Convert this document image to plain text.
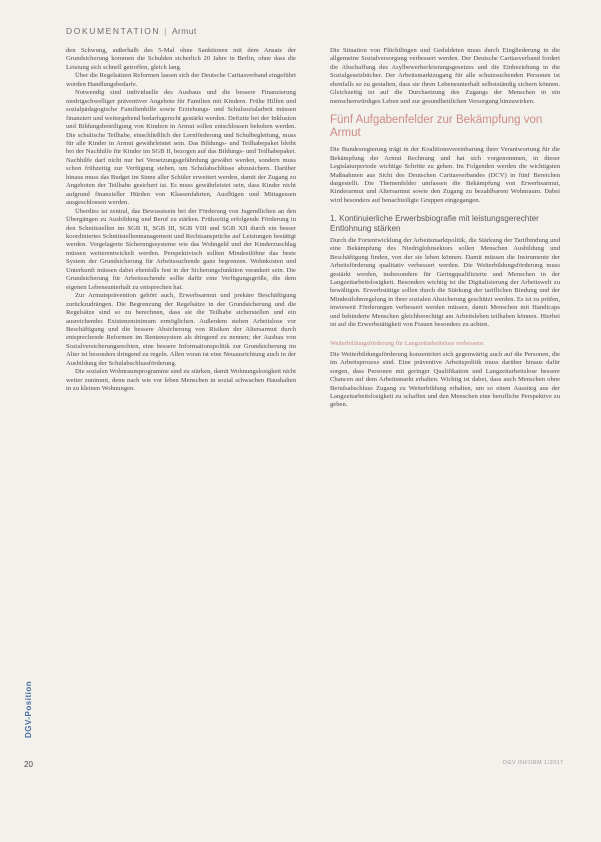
DOKUMENTATION | Armut

den Schwung, außerhalb des 5-Mal ohne Sanktionen mit dem Ansatz der Grundsicherung kommen die Schulden sicherlich 20 Jahre in Berlin, ohne dass die Leistung sich schnell getroffen, gleich lang.

Über die Regelsätzen Reformen lassen sich der Deutsche Caritasverband eingeführt worden Handlungsbedarfe.

Notwendig sind individuelle des Ausbaus und die bessere Finanzierung niedrigschwelliger präventiver Angebote für Familien mit Kindern. Frühe Hilfen und sozialpädagogische Familienhilfe sowie Erziehungs- und Schulsozialarbeit müssen finanziert und weitergehend bedarfsgerecht gestärkt werden. Defizite bei der Inklusion und Bildungsbeteiligung von Kindern in Armut sollen entschlossen behoben werden. Die schulische Teilhabe, einschließlich der Lernförderung und Schulbegleitung, muss für alle Kinder in Armut gewährleistet sein. Das Bildungs- und Teilhabepaket bleibt bei der Nachhilfe für Kinder im SGB II, bezogen auf das Bildungs- und Teilhabepaket. Nachhilfe darf nicht nur bei Versetzungsgefährdung gewährt werden, sondern muss schon frühzeitig zur Verfügung stehen, um Schulabschlüsse abzusichern. Darüber hinaus muss das Budget im Sinne aller Schüler erweitert werden, damit der Zugang zu Angeboten der Teilhabe gesichert ist. Es muss gewährleistet sein, dass Kinder nicht aufgrund finanzieller Hürden von Klassenfahrten, Ausflügen und Mittagessen ausgeschlossen werden.

Überdies ist zentral, das Bewusstsein bei der Förderung von Jugendlichen an den Übergängen zu Ausbildung und Beruf zu stärken. Frühzeitig erfolgende Förderung in den Schnittstellen im SGB II, SGB III, SGB VIII und SGB XII durch ein besser koordiniertes Schnittstellenmanagement und Rechtsansprüche auf Leistungen bestätigt werden. Vorgelagerte Sicherungssysteme wie das Wohngeld und der Kinderzuschlag müssen weiterentwickelt werden. Perspektivisch sollten Mindestlöhne das beste System der Grundsicherung für Arbeitssuchende ganz begrenzen. Wohnkosten und Unterkunft müssen dabei ebenfalls fest in der Sicherungsfunktion verankert sein. Die Grundsicherung für Arbeitsuchende sollte dafür eine Verfügungsgröße, die dem eigenen Lebensunterhalt zu entsprechen hat.

Zur Armutsprävention gehört auch, Erwerbsarmut und prekäre Beschäftigung zurückzudrängen. Die Begrenzung der Regelsätze in der Grundsicherung und die Regelsätze sind so zu berechnen, dass sie die Teilhabe sicherstellen und ein ausreichendes Existenzminimum ermöglichen. Außerdem stehen Arbeitslose vor Beschäftigung und die bessere Absicherung von Risiken der Altersarmut durch entsprechende Reformen im Rentensystem als dringend zu nennen; der Ausbau von Sozialversicherungsrechten, eine bessere Informationspolitik zur Grundsicherung im Alter ist besonders dringend zu regeln. Allen voran ist eine Neuausrichtung auch in der Ausbildung der Schulabschlussförderung.

Die sozialen Wohnraumprogramme sind zu stärken, damit Wohnungslosigkeit nicht weiter zunimmt, denn nach wie vor leben Menschen in sozial schwachen Haushalten in zu kleinen Wohnungen.

Die Situation von Flüchtlingen und Geduldeten muss durch Eingliederung in die allgemeine Sozialversorgung verbessert werden. Der Deutsche Caritasverband fordert die Abschaffung des Asylbewerberleistungsgesetzes und die Einbeziehung in die Sozialgesetzbücher. Der Arbeitsmarktzugang für alle schutzsuchenden Personen ist ebenfalls so zu gestalten, dass sie ihren Lebensunterhalt selbstständig sichern können. Gleichzeitig ist auf die Durchsetzung des Zugangs der Menschen in ein menschenwürdiges Leben und zur gesundheitlichen Versorgung hinzuwirken.

Fünf Aufgabenfelder zur Bekämpfung von Armut

Die Bundesregierung trägt in der Koalitionsvereinbarung ihrer Verantwortung für die Bekämpfung der Armut Rechnung und hat sich vorgenommen, in dieser Legislaturperiode wichtige Schritte zu gehen. Im Folgenden werden die wichtigsten Maßnahmen aus Sicht des Deutschen Caritasverbandes (DCV) in fünf Bereichen dargestellt. Die Themenfelder umfassen die Bekämpfung von Erwerbsarmut, Kinderarmut und Altersarmut sowie den Zugang zu bezahlbarem Wohnraum. Dabei wird besonders auf benachteiligte Gruppen eingegangen.

1. Kontinuierliche Erwerbsbiografie mit leistungsgerechter Entlohnung stärken

Durch die Fortentwicklung der Arbeitsmarktpolitik, die Stärkung der Tarifbindung und eine Bekämpfung des Niedriglohnsektors sollen Menschen Ausbildung und Beschäftigung finden, von der sie leben können. Damit müssen die Instrumente der Arbeitsförderung qualitativ verbessert werden. Die Weiterbildungsförderung muss gestärkt werden, insbesondere für Geringqualifizierte und Menschen in der Langzeitarbeitslosigkeit. Besonders wichtig ist die Digitalisierung der Arbeitswelt zu bewältigen. Erwerbstätige sollen durch die Stärkung der tariflichen Bindung und der Mindestlohnregelung in ihrer sozialen Absicherung geschützt werden. Es ist zu prüfen, inwieweit Förderungen verbessert werden müssen, damit Menschen mit Handicaps und behinderte Menschen gleichberechtigt am Arbeitsleben teilhaben können. Hierbei ist auf die Erwerbstätigkeit von Frauen besonders zu achten.

Weiterbildungsförderung für Langzeitarbeitslose verbessern

Die Weiterbildungsförderung konzentriert sich gegenwärtig auch auf die Personen, die im Arbeitsprozess sind. Eine präventive Arbeitspolitik muss darüber hinaus dafür sorgen, dass Personen mit geringer Qualifikation und Langzeitarbeitslose bessere Chancen auf dem Arbeitsmarkt erhalten. Wichtig ist dabei, dass auch Menschen ohne Berufsabschluss Zugang zu Weiterbildung erhalten, um so einen Ausstieg aus der Langzeitarbeitslosigkeit zu schaffen und den Menschen eine berufliche Perspektive zu geben.

DGV-Position
20	DGV INFORM 1/2017
